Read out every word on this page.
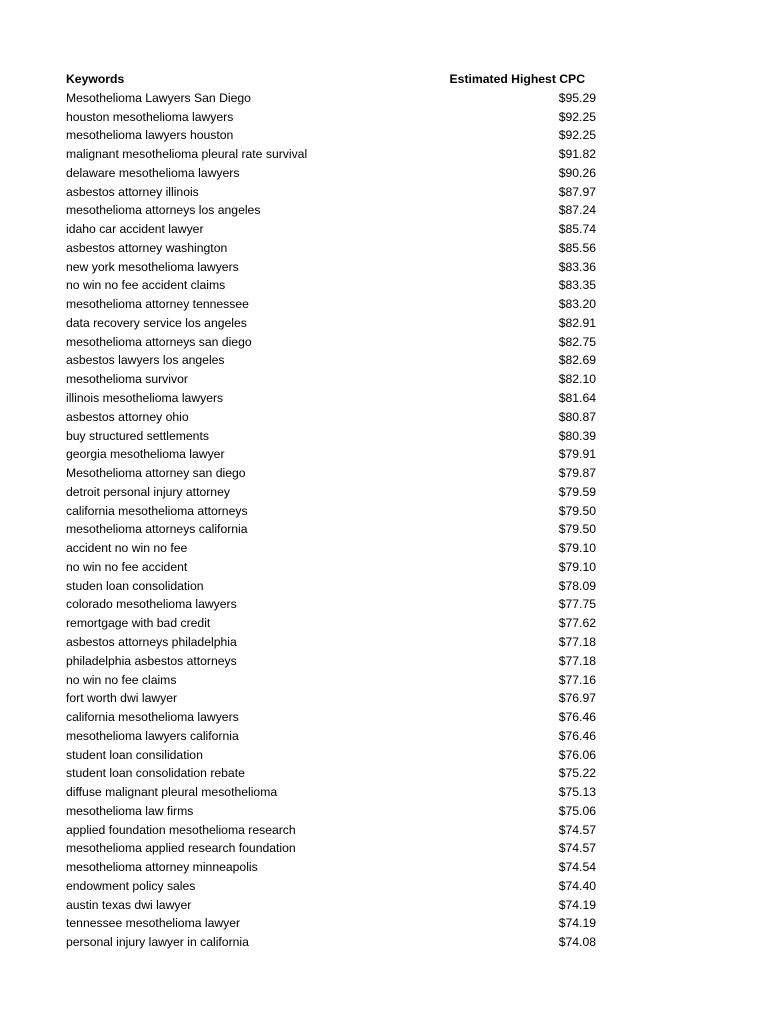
Keywords	Estimated Highest CPC
Mesothelioma Lawyers San Diego	$95.29
houston mesothelioma lawyers	$92.25
mesothelioma lawyers houston	$92.25
malignant mesothelioma pleural rate survival	$91.82
delaware mesothelioma lawyers	$90.26
asbestos attorney illinois	$87.97
mesothelioma attorneys los angeles	$87.24
idaho car accident lawyer	$85.74
asbestos attorney washington	$85.56
new york mesothelioma lawyers	$83.36
no win no fee accident claims	$83.35
mesothelioma attorney tennessee	$83.20
data recovery service los angeles	$82.91
mesothelioma attorneys san diego	$82.75
asbestos lawyers los angeles	$82.69
mesothelioma survivor	$82.10
illinois mesothelioma lawyers	$81.64
asbestos attorney ohio	$80.87
buy structured settlements	$80.39
georgia mesothelioma lawyer	$79.91
Mesothelioma attorney san diego	$79.87
detroit personal injury attorney	$79.59
california mesothelioma attorneys	$79.50
mesothelioma attorneys california	$79.50
accident no win no fee	$79.10
no win no fee accident	$79.10
studen loan consolidation	$78.09
colorado mesothelioma lawyers	$77.75
remortgage with bad credit	$77.62
asbestos attorneys philadelphia	$77.18
philadelphia asbestos attorneys	$77.18
no win no fee claims	$77.16
fort worth dwi lawyer	$76.97
california mesothelioma lawyers	$76.46
mesothelioma lawyers california	$76.46
student loan consilidation	$76.06
student loan consolidation rebate	$75.22
diffuse malignant pleural mesothelioma	$75.13
mesothelioma law firms	$75.06
applied foundation mesothelioma research	$74.57
mesothelioma applied research foundation	$74.57
mesothelioma attorney minneapolis	$74.54
endowment policy sales	$74.40
austin texas dwi lawyer	$74.19
tennessee mesothelioma lawyer	$74.19
personal injury lawyer in california	$74.08
